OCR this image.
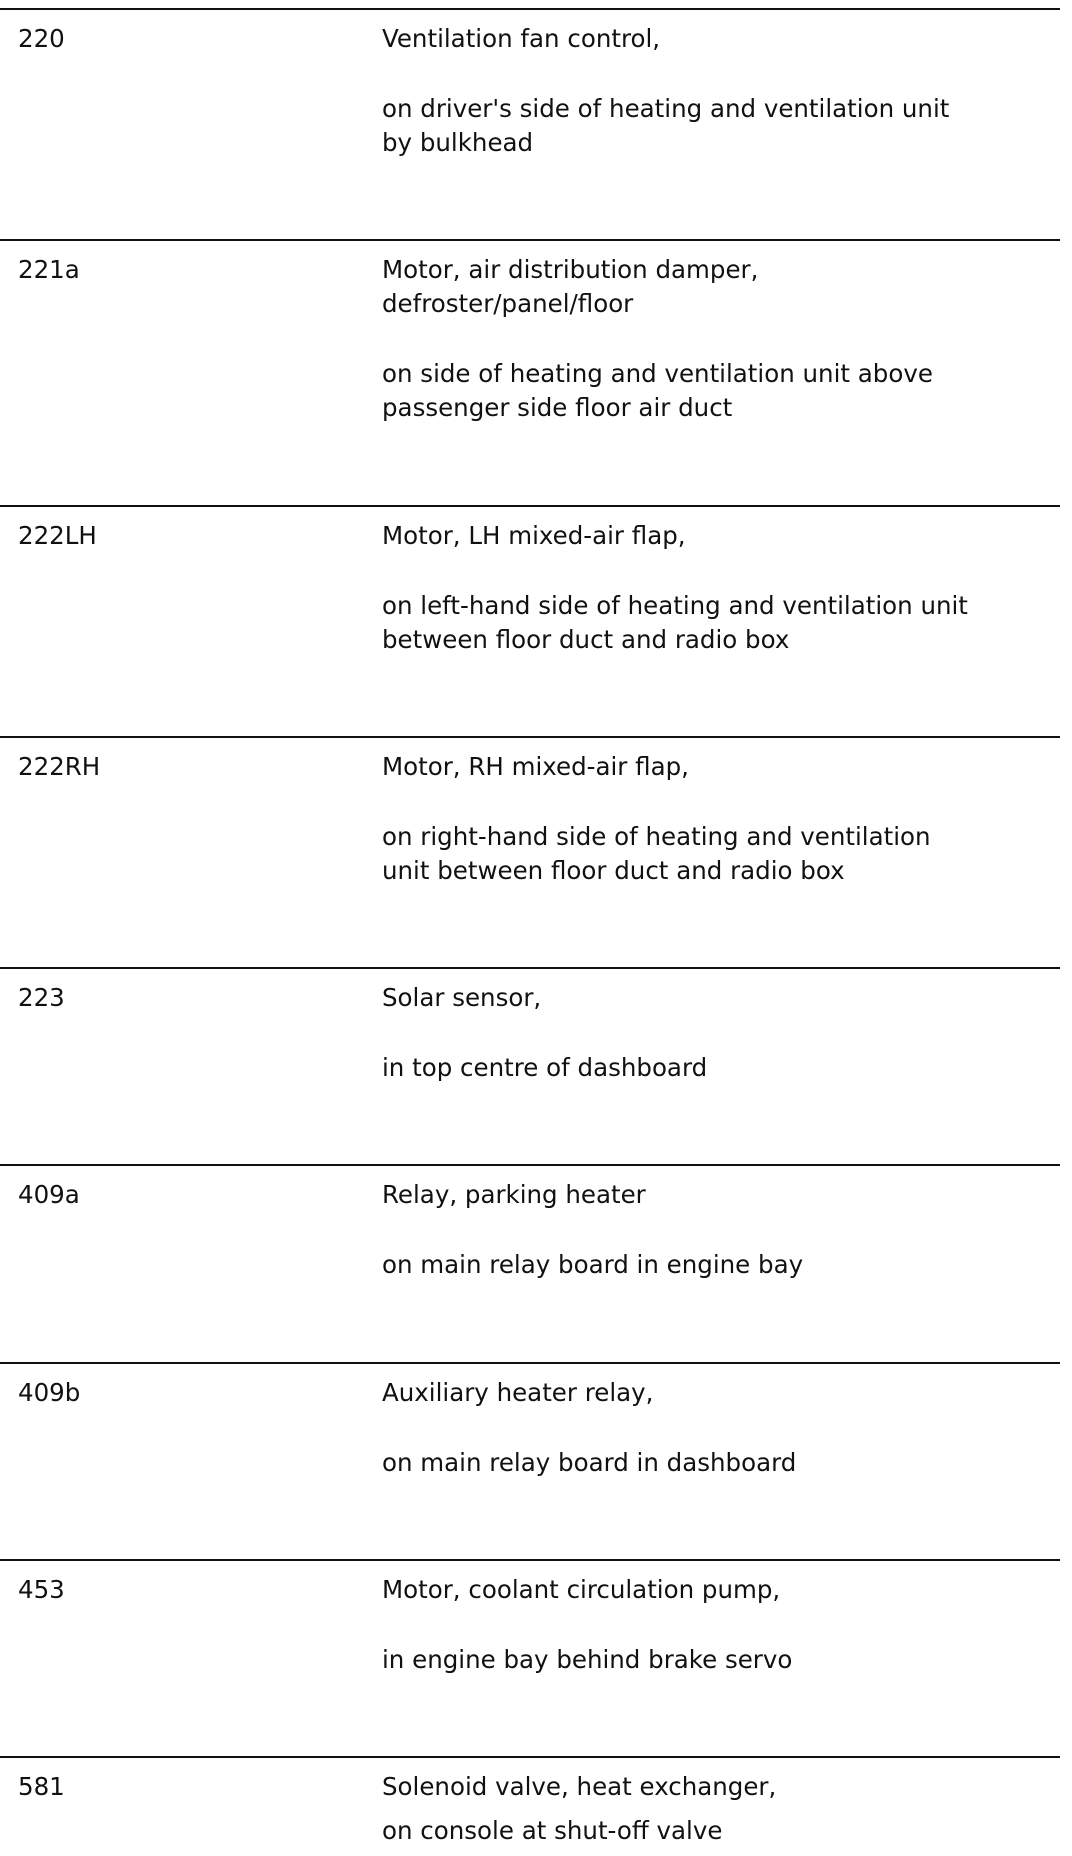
220	Ventilation fan control,
on driver's side of heating and ventilation unit
by bulkhead
221a	Motor, air distribution damper,
defroster/panel/floor
on side of heating and ventilation unit above
passenger side floor air duct
222LH	Motor, LH mixed-air flap,
on left-hand side of heating and ventilation unit
between floor duct and radio box
222RH	Motor, RH mixed-air flap,
on right-hand side of heating and ventilation
unit between floor duct and radio box
223	Solar sensor,
in top centre of dashboard
409a	Relay, parking heater
on main relay board in engine bay
409b	Auxiliary heater relay,
on main relay board in dashboard
453	Motor, coolant circulation pump,
in engine bay behind brake servo
581	Solenoid valve, heat exchanger,
on console at shut-off valve
